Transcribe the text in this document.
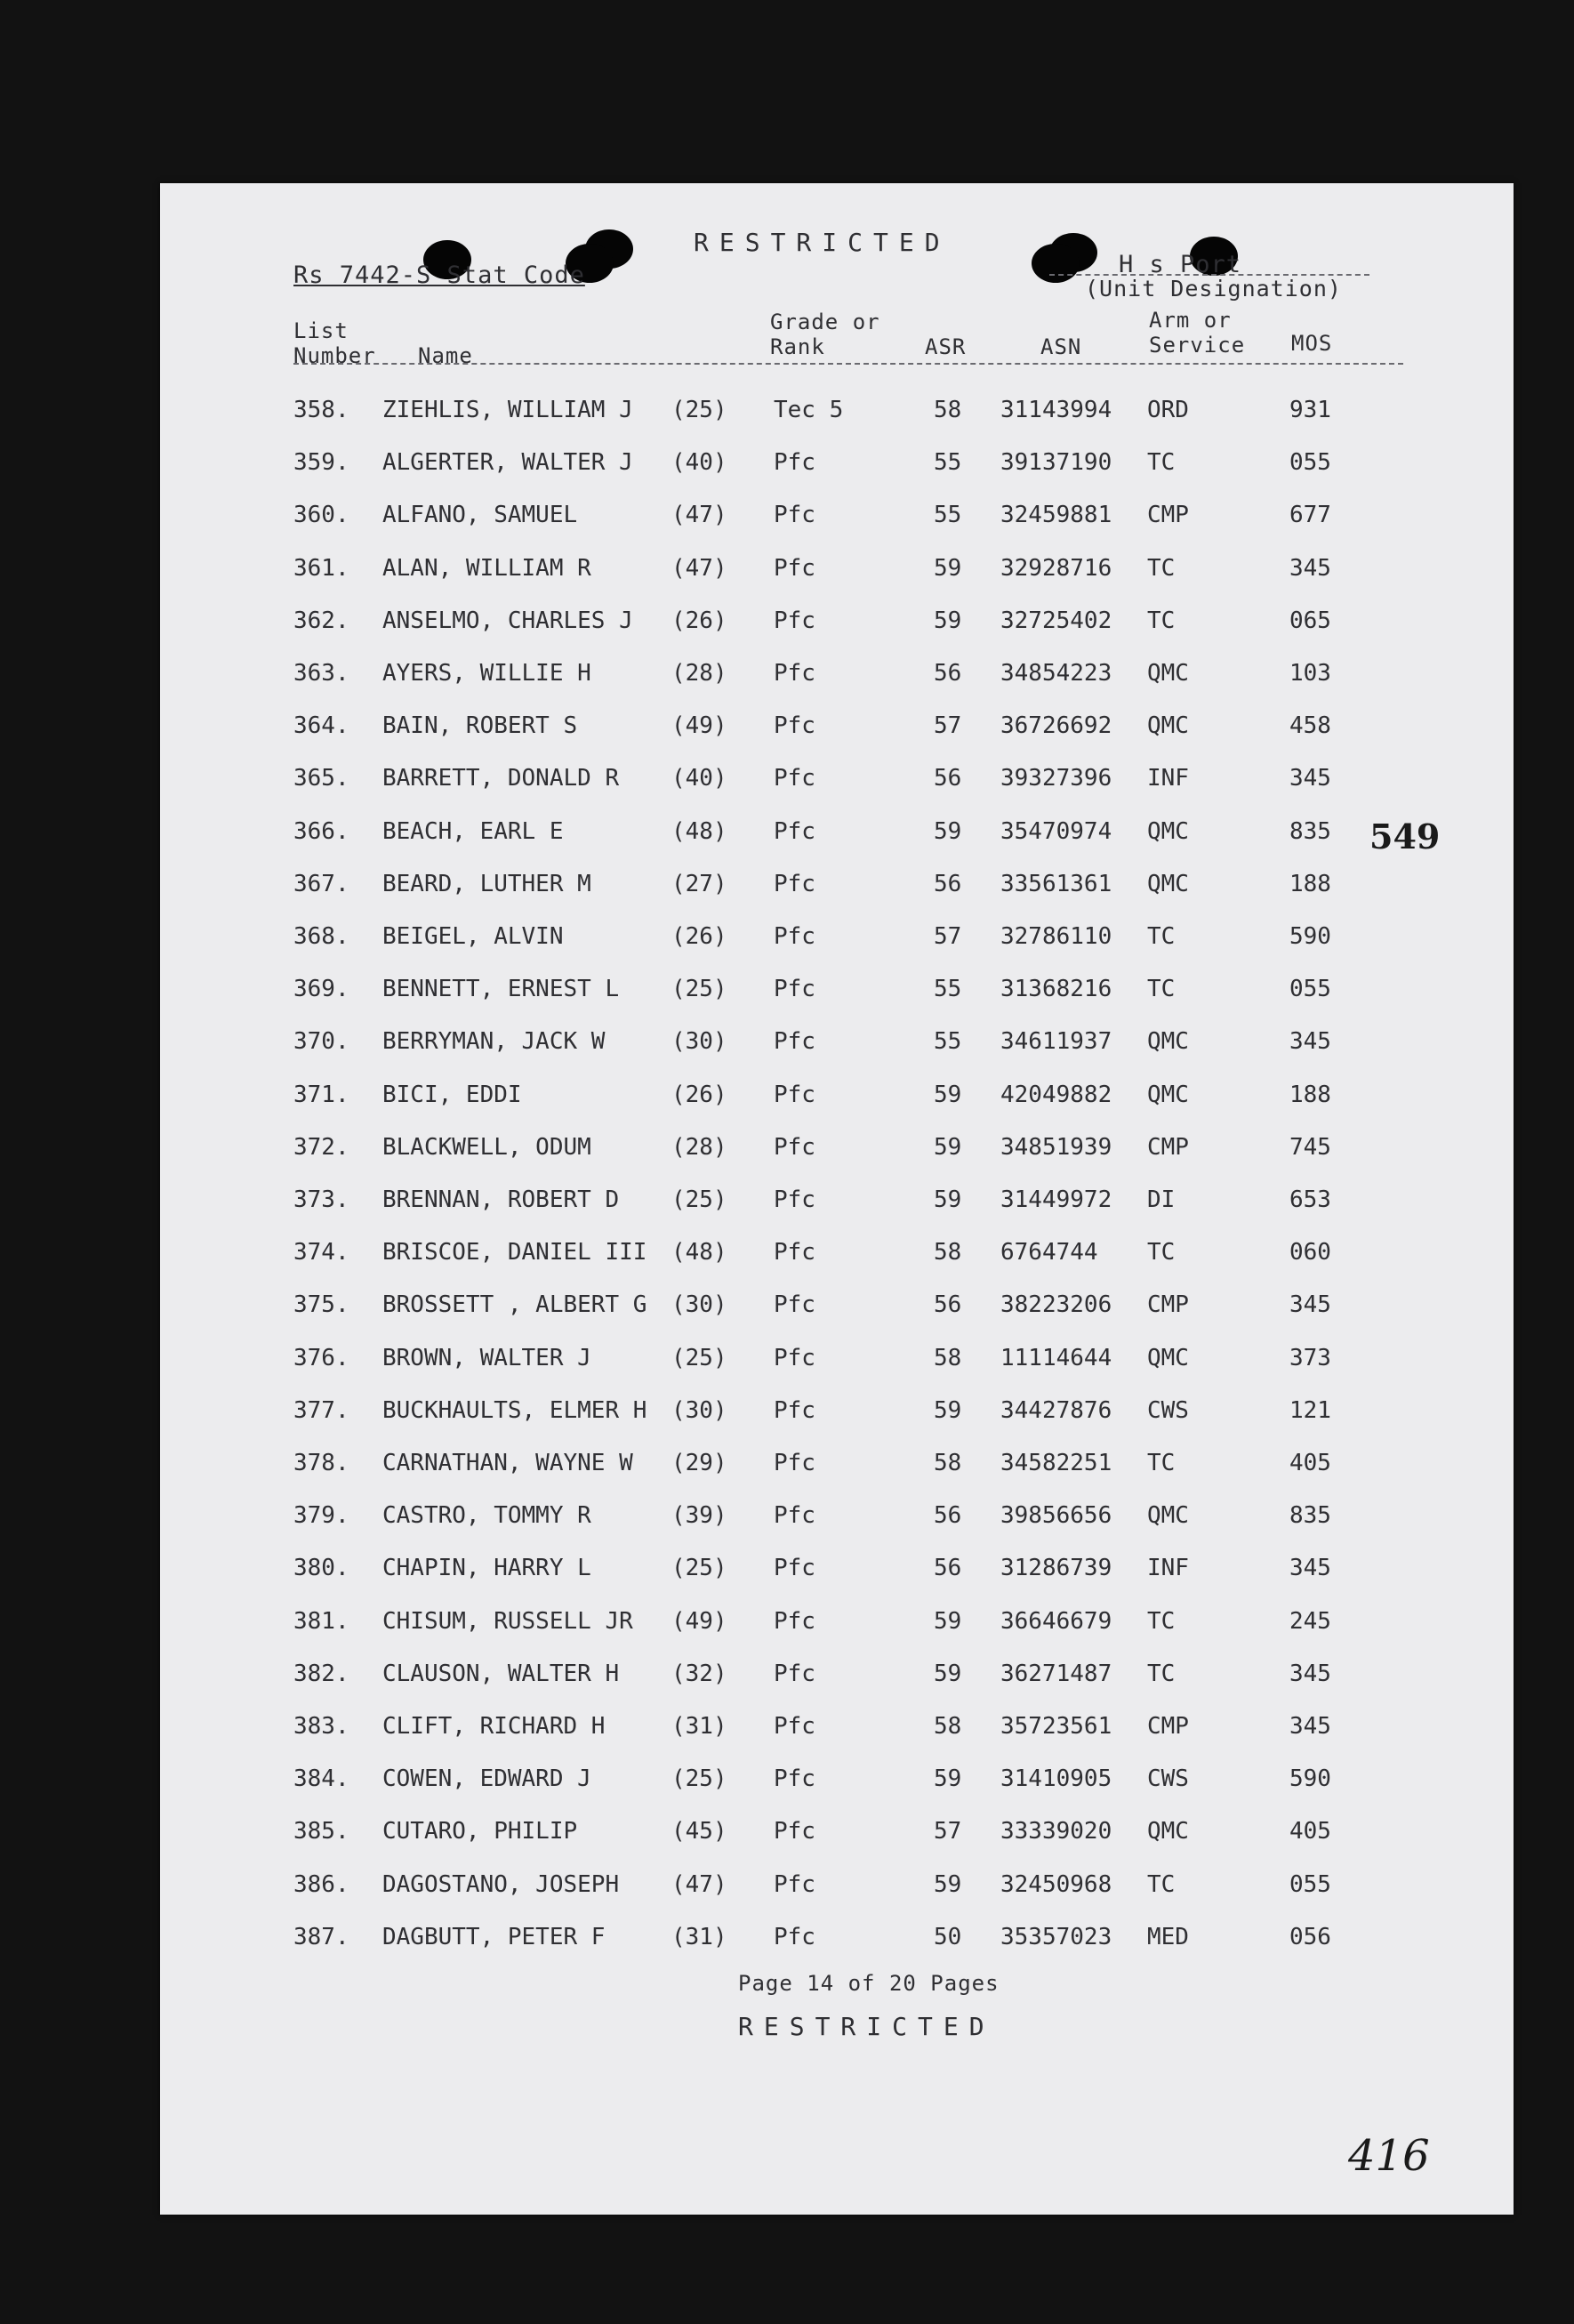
RESTRICTED
Rs 7442-S Stat Code	H s Port
(Unit Designation)
List
Number Name
Grade or
Rank	ASR	ASN
Arm or
Service MOS
358. ZIEHLIS, WILLIAM J (25) Tec 5	58 31143994 ORD	931
359. ALGERTER, WALTER J (40) Pfc	55 39137190 TC	055
360. ALFANO, SAMUEL	(47) Pfc	55 32459881 CMP	677
361. ALAN, WILLIAM R	(47) Pfc	59 32928716 TC	345
362. ANSELMO, CHARLES J (26) Pfc	59 32725402 TC	065
363. AYERS, WILLIE H	(28) Pfc	56 34854223 QMC	103
364. BAIN, ROBERT S	(49) Pfc	57 36726692 QMC	458
365. BARRETT, DONALD R (40) Pfc	56 39327396 INF	345
366. BEACH, EARL E	(48) Pfc	59 35470974 QMC	835
367. BEARD, LUTHER M	(27) Pfc	56 33561361 QMC	188
368. BEIGEL, ALVIN	(26) Pfc	57 32786110 TC	590
369. BENNETT, ERNEST L (25) Pfc	55 31368216 TC	055
370. BERRYMAN, JACK W	(30) Pfc	55 34611937 QMC	345
371. BICI, EDDI	(26) Pfc	59 42049882 QMC	188
372. BLACKWELL, ODUM	(28) Pfc	59 34851939 CMP	745
373. BRENNAN, ROBERT D (25) Pfc	59 31449972 DI	653
374. BRISCOE, DANIEL III (48) Pfc	58 6764744 TC	060
375. BROSSETT , ALBERT G (30) Pfc	56 38223206 CMP	345
376. BROWN, WALTER J	(25) Pfc	58 11114644 QMC	373
377. BUCKHAULTS, ELMER H (30) Pfc	59 34427876 CWS	121
378. CARNATHAN, WAYNE W (29) Pfc	58 34582251 TC	405
379. CASTRO, TOMMY R	(39) Pfc	56 39856656 QMC	835
380. CHAPIN, HARRY L	(25) Pfc	56 31286739 INF	345
381. CHISUM, RUSSELL JR (49) Pfc	59 36646679 TC	245
382. CLAUSON, WALTER H (32) Pfc	59 36271487 TC	345
383. CLIFT, RICHARD H	(31) Pfc	58 35723561 CMP	345
384. COWEN, EDWARD J	(25) Pfc	59 31410905 CWS	590
385. CUTARO, PHILIP	(45) Pfc	57 33339020 QMC	405
386. DAGOSTANO, JOSEPH (47) Pfc	59 32450968 TC	055
387. DAGBUTT, PETER F	(31) Pfc	50 35357023 MED	056
Page 14 of 20 Pages
RESTRICTED
549
416
